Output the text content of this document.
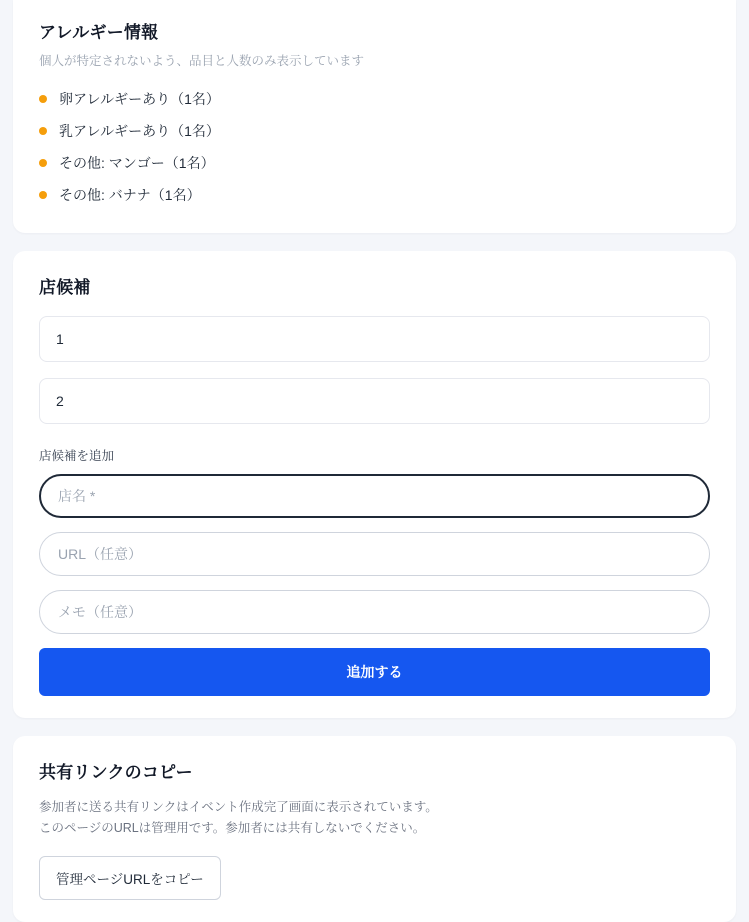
アレルギー情報

個人が特定されないよう、品目と人数のみ表示しています

卵アレルギーあり（1名）
乳アレルギーあり（1名）
その他: マンゴー（1名）
その他: バナナ（1名）
店候補
1
2
店候補を追加
店名 *
URL（任意）
メモ（任意）
追加する
共有リンクのコピー

参加者に送る共有リンクはイベント作成完了画面に表示されています。
このページのURLは管理用です。参加者には共有しないでください。

管理ページURLをコピー
